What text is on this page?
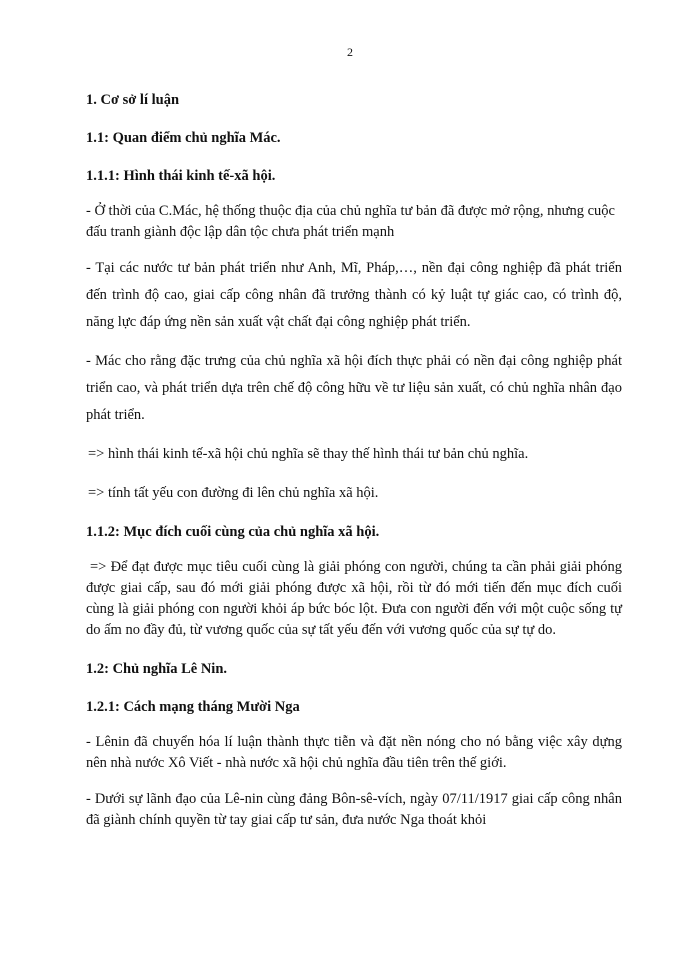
2
1. Cơ sở lí luận
1.1: Quan điểm chủ nghĩa Mác.
1.1.1: Hình thái kinh tế-xã hội.

- Ở thời của C.Mác, hệ thống thuộc địa của chủ nghĩa tư bản đã được mở rộng, nhưng cuộc đấu tranh giành độc lập dân tộc chưa phát triển mạnh

- Tại các nước tư bản phát triển như Anh, Mĩ, Pháp,…, nền đại công nghiệp đã phát triển đến trình độ cao, giai cấp công nhân đã trưởng thành có kỷ luật tự giác cao, có trình độ, năng lực đáp ứng nền sản xuất vật chất đại công nghiệp phát triển.

- Mác cho rằng đặc trưng của chủ nghĩa xã hội đích thực phải có nền đại công nghiệp phát triển cao, và phát triển dựa trên chế độ công hữu về tư liệu sản xuất, có chủ nghĩa nhân đạo phát triển.

=> hình thái kinh tế-xã hội chủ nghĩa sẽ thay thế hình thái tư bản chủ nghĩa.

=> tính tất yếu con đường đi lên chủ nghĩa xã hội.

1.1.2: Mục đích cuối cùng của chủ nghĩa xã hội.

=> Để đạt được mục tiêu cuối cùng là giải phóng con người, chúng ta cần phải giải phóng được giai cấp, sau đó mới giải phóng được xã hội, rồi từ đó mới tiến đến mục đích cuối cùng là giải phóng con người khỏi áp bức bóc lột. Đưa con người đến với một cuộc sống tự do ấm no đầy đủ, từ vương quốc của sự tất yếu đến với vương quốc của sự tự do.

1.2: Chủ nghĩa Lê Nin.
1.2.1: Cách mạng tháng Mười Nga

- Lênin đã chuyển hóa lí luận thành thực tiễn và đặt nền nóng cho nó bằng việc xây dựng nên nhà nước Xô Viết - nhà nước xã hội chủ nghĩa đầu tiên trên thế giới.

- Dưới sự lãnh đạo của Lê-nin cùng đảng Bôn-sê-vích, ngày 07/11/1917 giai cấp công nhân đã giành chính quyền từ tay giai cấp tư sản, đưa nước Nga thoát khỏi
